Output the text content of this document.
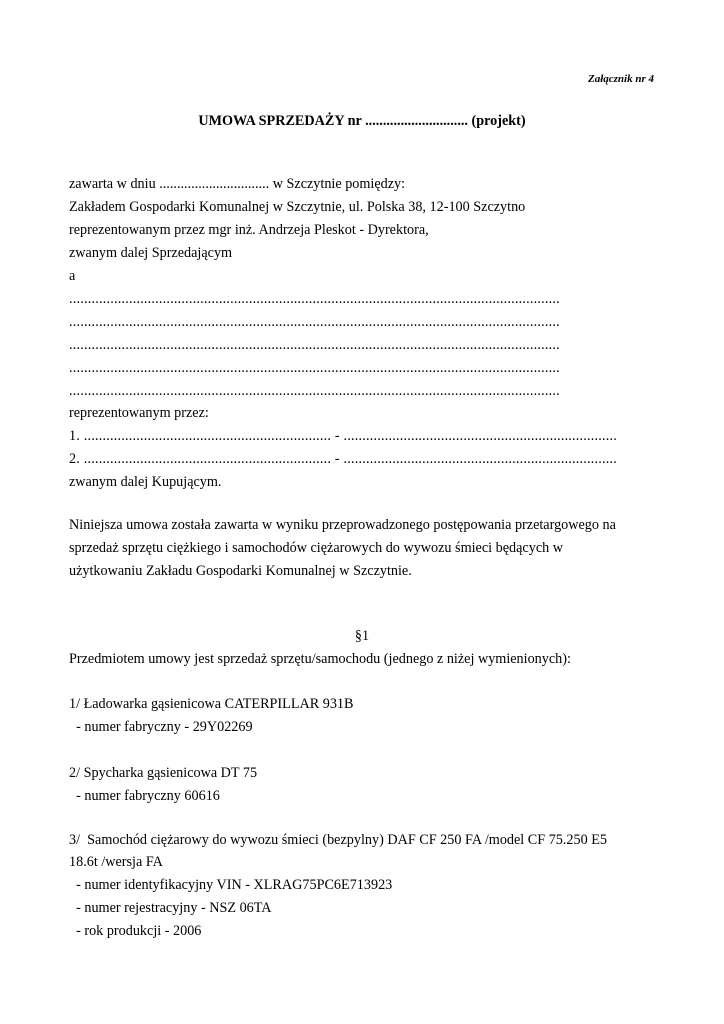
Załącznik nr 4
UMOWA SPRZEDAŻY nr ............................. (projekt)
zawarta w dniu ............................... w Szczytnie pomiędzy:
Zakładem Gospodarki Komunalnej w Szczytnie, ul. Polska 38, 12-100 Szczytno
reprezentowanym przez mgr inż. Andrzeja Pleskot - Dyrektora,
zwanym dalej Sprzedającym
a
...................................................................................................................................
...................................................................................................................................
...................................................................................................................................
...................................................................................................................................
...................................................................................................................................
reprezentowanym przez:
1. .................................................................. - .........................................................................
2. .................................................................. - .........................................................................
zwanym dalej Kupującym.
Niniejsza umowa została zawarta w wyniku przeprowadzonego postępowania przetargowego na
sprzedaż sprzętu ciężkiego i samochodów ciężarowych do wywozu śmieci będących w
użytkowaniu Zakładu Gospodarki Komunalnej w Szczytnie.
§1
Przedmiotem umowy jest sprzedaż sprzętu/samochodu (jednego z niżej wymienionych):
1/ Ładowarka gąsienicowa CATERPILLAR 931B
- numer fabryczny - 29Y02269
2/ Spycharka gąsienicowa DT 75
- numer fabryczny 60616
3/  Samochód ciężarowy do wywozu śmieci (bezpylny) DAF CF 250 FA /model CF 75.250 E5
18.6t /wersja FA
- numer identyfikacyjny VIN - XLRAG75PC6E713923
- numer rejestracyjny - NSZ 06TA
- rok produkcji - 2006
